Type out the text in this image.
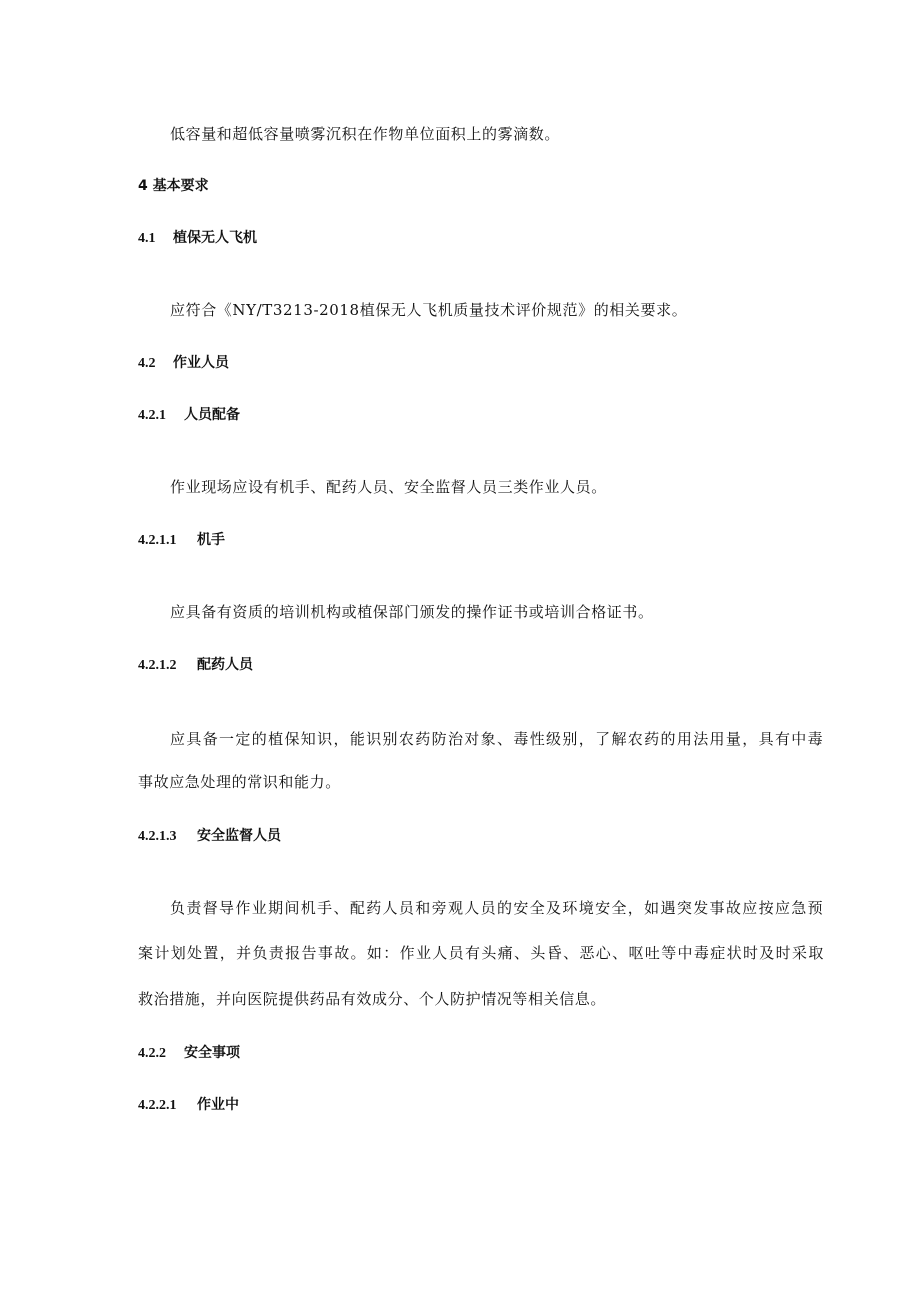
低容量和超低容量喷雾沉积在作物单位面积上的雾滴数。
4 基本要求
4.1 植保无人飞机
应符合《NY/T3213-2018植保无人飞机质量技术评价规范》的相关要求。
4.2 作业人员
4.2.1 人员配备
作业现场应设有机手、配药人员、安全监督人员三类作业人员。
4.2.1.1 机手
应具备有资质的培训机构或植保部门颁发的操作证书或培训合格证书。
4.2.1.2 配药人员
应具备一定的植保知识，能识别农药防治对象、毒性级别，了解农药的用法用量，具有中毒
事故应急处理的常识和能力。
4.2.1.3 安全监督人员
负责督导作业期间机手、配药人员和旁观人员的安全及环境安全，如遇突发事故应按应急预
案计划处置，并负责报告事故。如：作业人员有头痛、头昏、恶心、呕吐等中毒症状时及时采取
救治措施，并向医院提供药品有效成分、个人防护情况等相关信息。
4.2.2 安全事项
4.2.2.1 作业中
